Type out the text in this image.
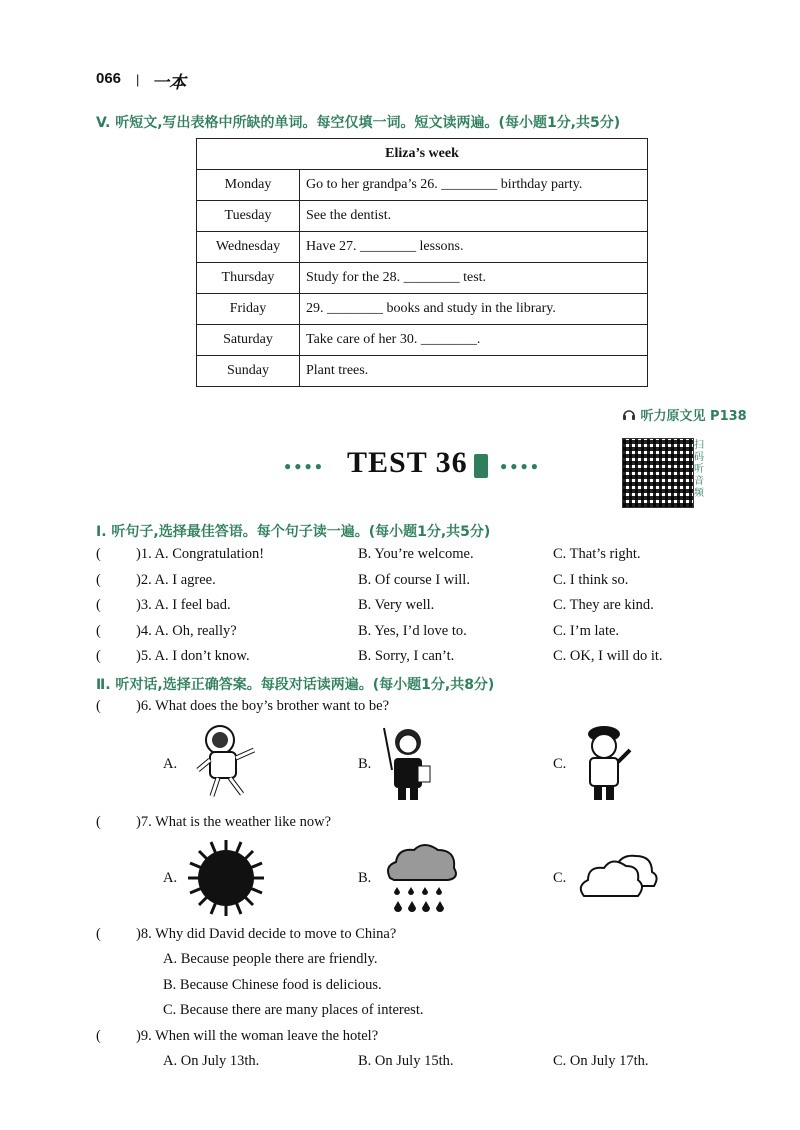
066 | 一本
V. 听短文,写出表格中所缺的单词。每空仅填一词。短文读两遍。(每小题1分,共5分)
Eliza’s week	
Monday	Go to her grandpa’s 26. ________ birthday party.
Tuesday	See the dentist.
Wednesday	Have 27. ________ lessons.
Thursday	Study for the 28. ________ test.
Friday	29. ________ books and study in the library.
Saturday	Take care of her 30. ________.
Sunday	Plant trees.
听力原文见 P138
●●●● TEST 36	●●●●
扫码听音频
Ⅰ. 听句子,选择最佳答语。每个句子读一遍。(每小题1分,共5分)
( )1. A. Congratulation!	B. You’re welcome.	C. That’s right.
( )2. A. I agree.	B. Of course I will.	C. I think so.
( )3. A. I feel bad.	B. Very well.	C. They are kind.
( )4. A. Oh, really?	B. Yes, I’d love to.	C. I’m late.
( )5. A. I don’t know.	B. Sorry, I can’t.	C. OK, I will do it.
Ⅱ. 听对话,选择正确答案。每段对话读两遍。(每小题1分,共8分)
( )6. What does the boy’s brother want to be?
A.	B.	C.
( )7. What is the weather like now?
A.	B.	C.
( )8. Why did David decide to move to China?
A. Because people there are friendly.
B. Because Chinese food is delicious.
C. Because there are many places of interest.
( )9. When will the woman leave the hotel?
A. On July 13th.	B. On July 15th.	C. On July 17th.
